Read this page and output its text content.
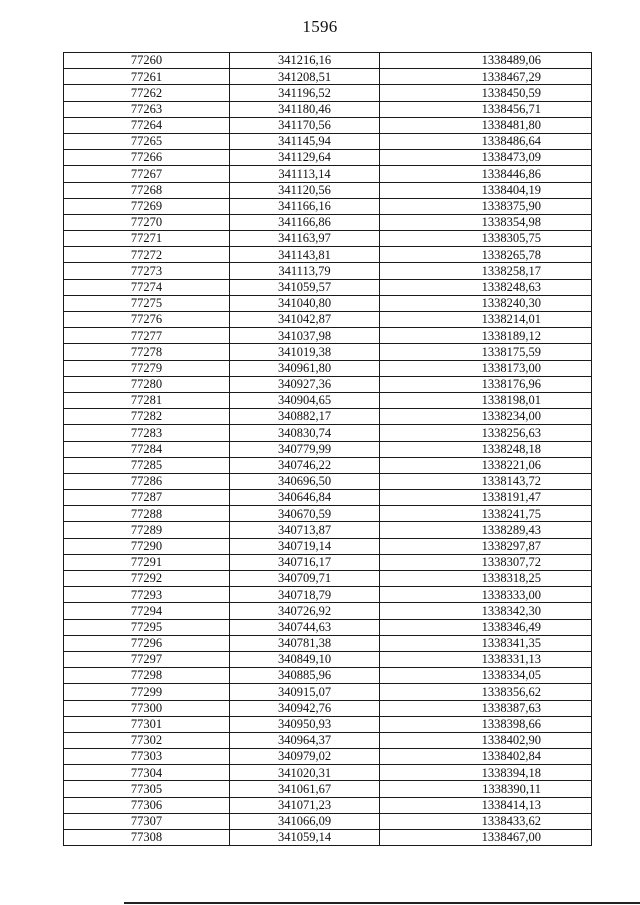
1596
77260	341216,16	1338489,06
77261	341208,51	1338467,29
77262	341196,52	1338450,59
77263	341180,46	1338456,71
77264	341170,56	1338481,80
77265	341145,94	1338486,64
77266	341129,64	1338473,09
77267	341113,14	1338446,86
77268	341120,56	1338404,19
77269	341166,16	1338375,90
77270	341166,86	1338354,98
77271	341163,97	1338305,75
77272	341143,81	1338265,78
77273	341113,79	1338258,17
77274	341059,57	1338248,63
77275	341040,80	1338240,30
77276	341042,87	1338214,01
77277	341037,98	1338189,12
77278	341019,38	1338175,59
77279	340961,80	1338173,00
77280	340927,36	1338176,96
77281	340904,65	1338198,01
77282	340882,17	1338234,00
77283	340830,74	1338256,63
77284	340779,99	1338248,18
77285	340746,22	1338221,06
77286	340696,50	1338143,72
77287	340646,84	1338191,47
77288	340670,59	1338241,75
77289	340713,87	1338289,43
77290	340719,14	1338297,87
77291	340716,17	1338307,72
77292	340709,71	1338318,25
77293	340718,79	1338333,00
77294	340726,92	1338342,30
77295	340744,63	1338346,49
77296	340781,38	1338341,35
77297	340849,10	1338331,13
77298	340885,96	1338334,05
77299	340915,07	1338356,62
77300	340942,76	1338387,63
77301	340950,93	1338398,66
77302	340964,37	1338402,90
77303	340979,02	1338402,84
77304	341020,31	1338394,18
77305	341061,67	1338390,11
77306	341071,23	1338414,13
77307	341066,09	1338433,62
77308	341059,14	1338467,00
